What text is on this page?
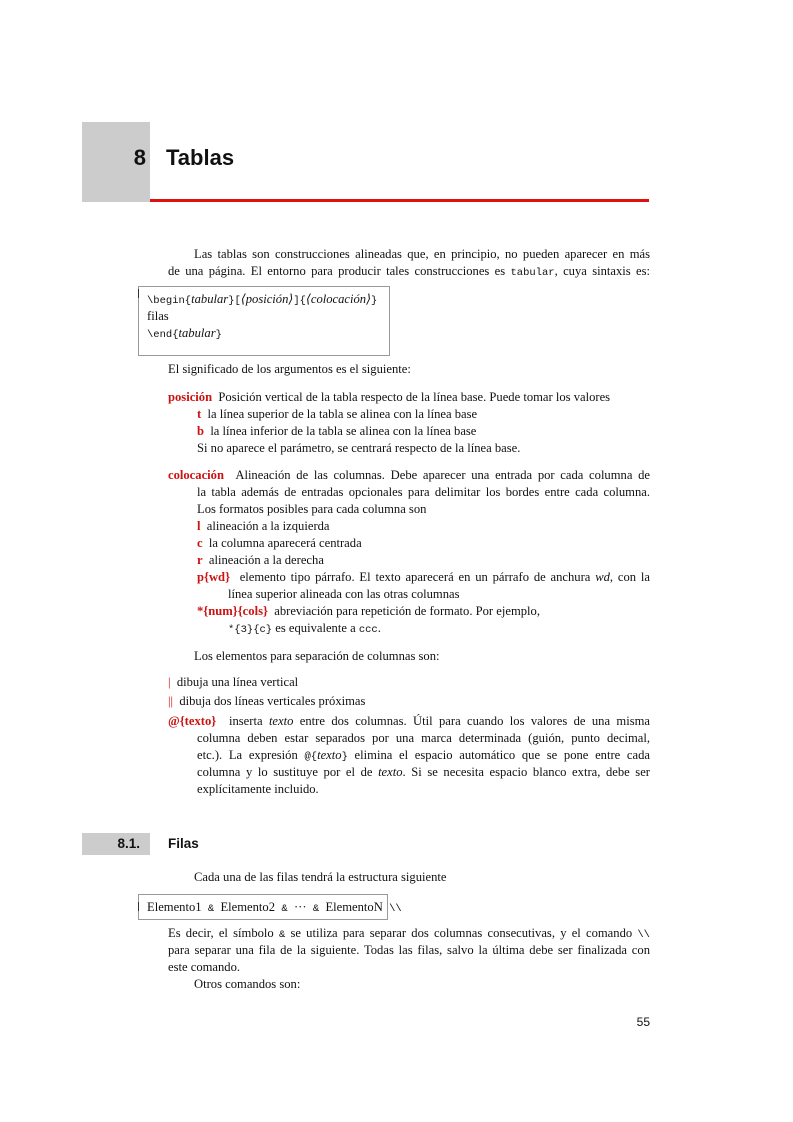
8 Tablas
Las tablas son construcciones alineadas que, en principio, no pueden aparecer en más
de una página. El entorno para producir tales construcciones es tabular, cuya sintaxis es:
\begin{tabular}[⟨posición⟩]{⟨colocación⟩}
filas
\end{tabular}
El significado de los argumentos es el siguiente:
posición Posición vertical de la tabla respecto de la línea base. Puede tomar los valores
t la línea superior de la tabla se alinea con la línea base
b la línea inferior de la tabla se alinea con la línea base
Si no aparece el parámetro, se centrará respecto de la línea base.
colocación Alineación de las columnas. Debe aparecer una entrada por cada columna de
la tabla además de entradas opcionales para delimitar los bordes entre cada columna.
Los formatos posibles para cada columna son
l alineación a la izquierda
c la columna aparecerá centrada
r alineación a la derecha
p{wd} elemento tipo párrafo. El texto aparecerá en un párrafo de anchura wd, con la
línea superior alineada con las otras columnas
*{num}{cols} abreviación para repetición de formato. Por ejemplo,
*{3}{c} es equivalente a ccc.
Los elementos para separación de columnas son:
| dibuja una línea vertical
|| dibuja dos líneas verticales próximas
@{texto} inserta texto entre dos columnas. Útil para cuando los valores de una misma
columna deben estar separados por una marca determinada (guión, punto decimal,
etc.). La expresión @{texto} elimina el espacio automático que se pone entre cada
columna y lo sustituye por el de texto. Si se necesita espacio blanco extra, debe ser
explícitamente incluido.
8.1.	Filas
Cada una de las filas tendrá la estructura siguiente
Elemento1 & Elemento2 & ··· & ElementoN \\
Es decir, el símbolo & se utiliza para separar dos columnas consecutivas, y el comando \\
para separar una fila de la siguiente. Todas las filas, salvo la última debe ser finalizada con
este comando.
Otros comandos son:
55
